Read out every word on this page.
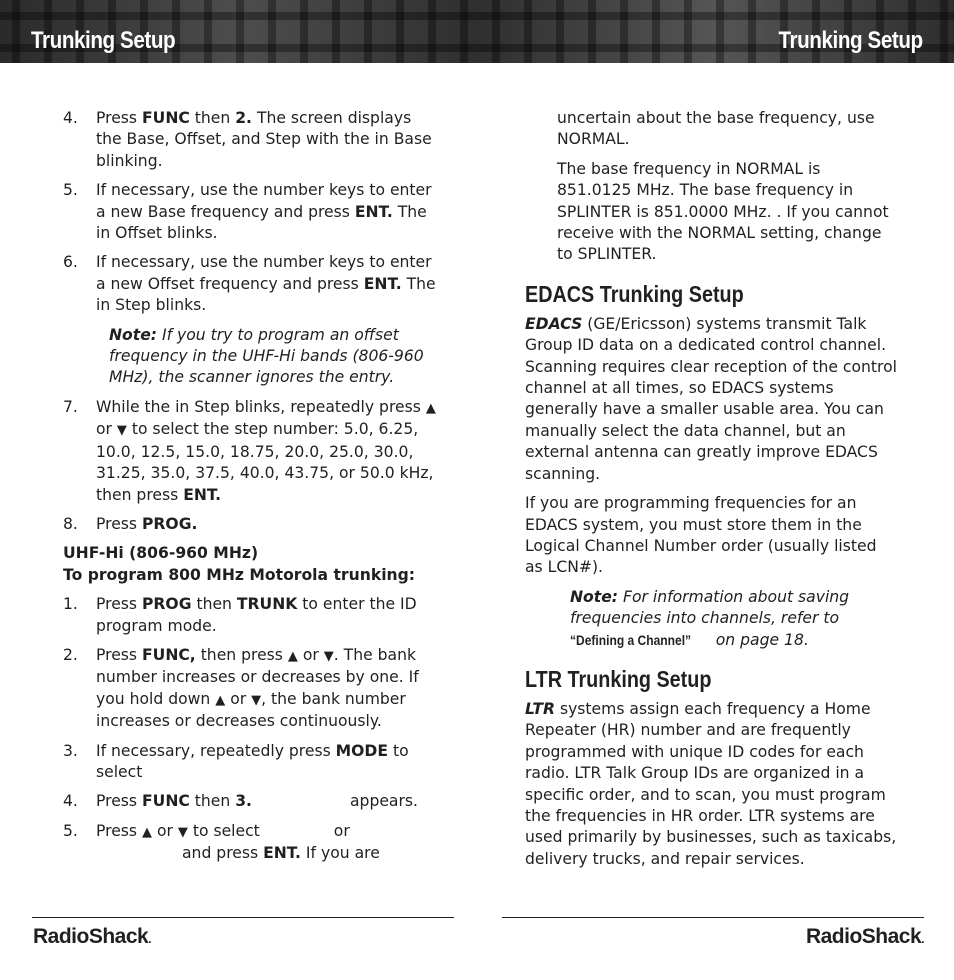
Trunking Setup	Trunking Setup
4. Press FUNC then 2. The screen displays the Base, Offset, and Step with the in Base blinking.
5. If necessary, use the number keys to enter a new Base frequency and press ENT. The in Offset blinks.
6. If necessary, use the number keys to enter a new Offset frequency and press ENT. The in Step blinks.
Note: If you try to program an offset frequency in the UHF-Hi bands (806-960 MHz), the scanner ignores the entry.
7. While the in Step blinks, repeatedly press ▲ or ▼ to select the step number: 5.0, 6.25, 10.0, 12.5, 15.0, 18.75, 20.0, 25.0, 30.0, 31.25, 35.0, 37.5, 40.0, 43.75, or 50.0 kHz, then press ENT.
8. Press PROG.
UHF-Hi (806-960 MHz)
To program 800 MHz Motorola trunking:
1. Press PROG then TRUNK to enter the ID program mode.
2. Press FUNC, then press ▲ or ▼. The bank number increases or decreases by one. If you hold down ▲ or ▼, the bank number increases or decreases continuously.
3. If necessary, repeatedly press MODE to select
4. Press FUNC then 3.	appears.
5. Press ▲ or ▼ to select	or
and press ENT. If you are
uncertain about the base frequency, use NORMAL.
The base frequency in NORMAL is 851.0125 MHz. The base frequency in SPLINTER is 851.0000 MHz. . If you cannot receive with the NORMAL setting, change to SPLINTER.
EDACS Trunking Setup
EDACS (GE/Ericsson) systems transmit Talk Group ID data on a dedicated control channel. Scanning requires clear reception of the control channel at all times, so EDACS systems generally have a smaller usable area. You can manually select the data channel, but an external antenna can greatly improve EDACS scanning.
If you are programming frequencies for an EDACS system, you must store them in the Logical Channel Number order (usually listed as LCN#).
Note: For information about saving frequencies into channels, refer to “Defining a Channel” on page 18.
LTR Trunking Setup
LTR systems assign each frequency a Home Repeater (HR) number and are frequently programmed with unique ID codes for each radio. LTR Talk Group IDs are organized in a specific order, and to scan, you must program the frequencies in HR order. LTR systems are used primarily by businesses, such as taxicabs, delivery trucks, and repair services.
RadioShack.	RadioShack.
